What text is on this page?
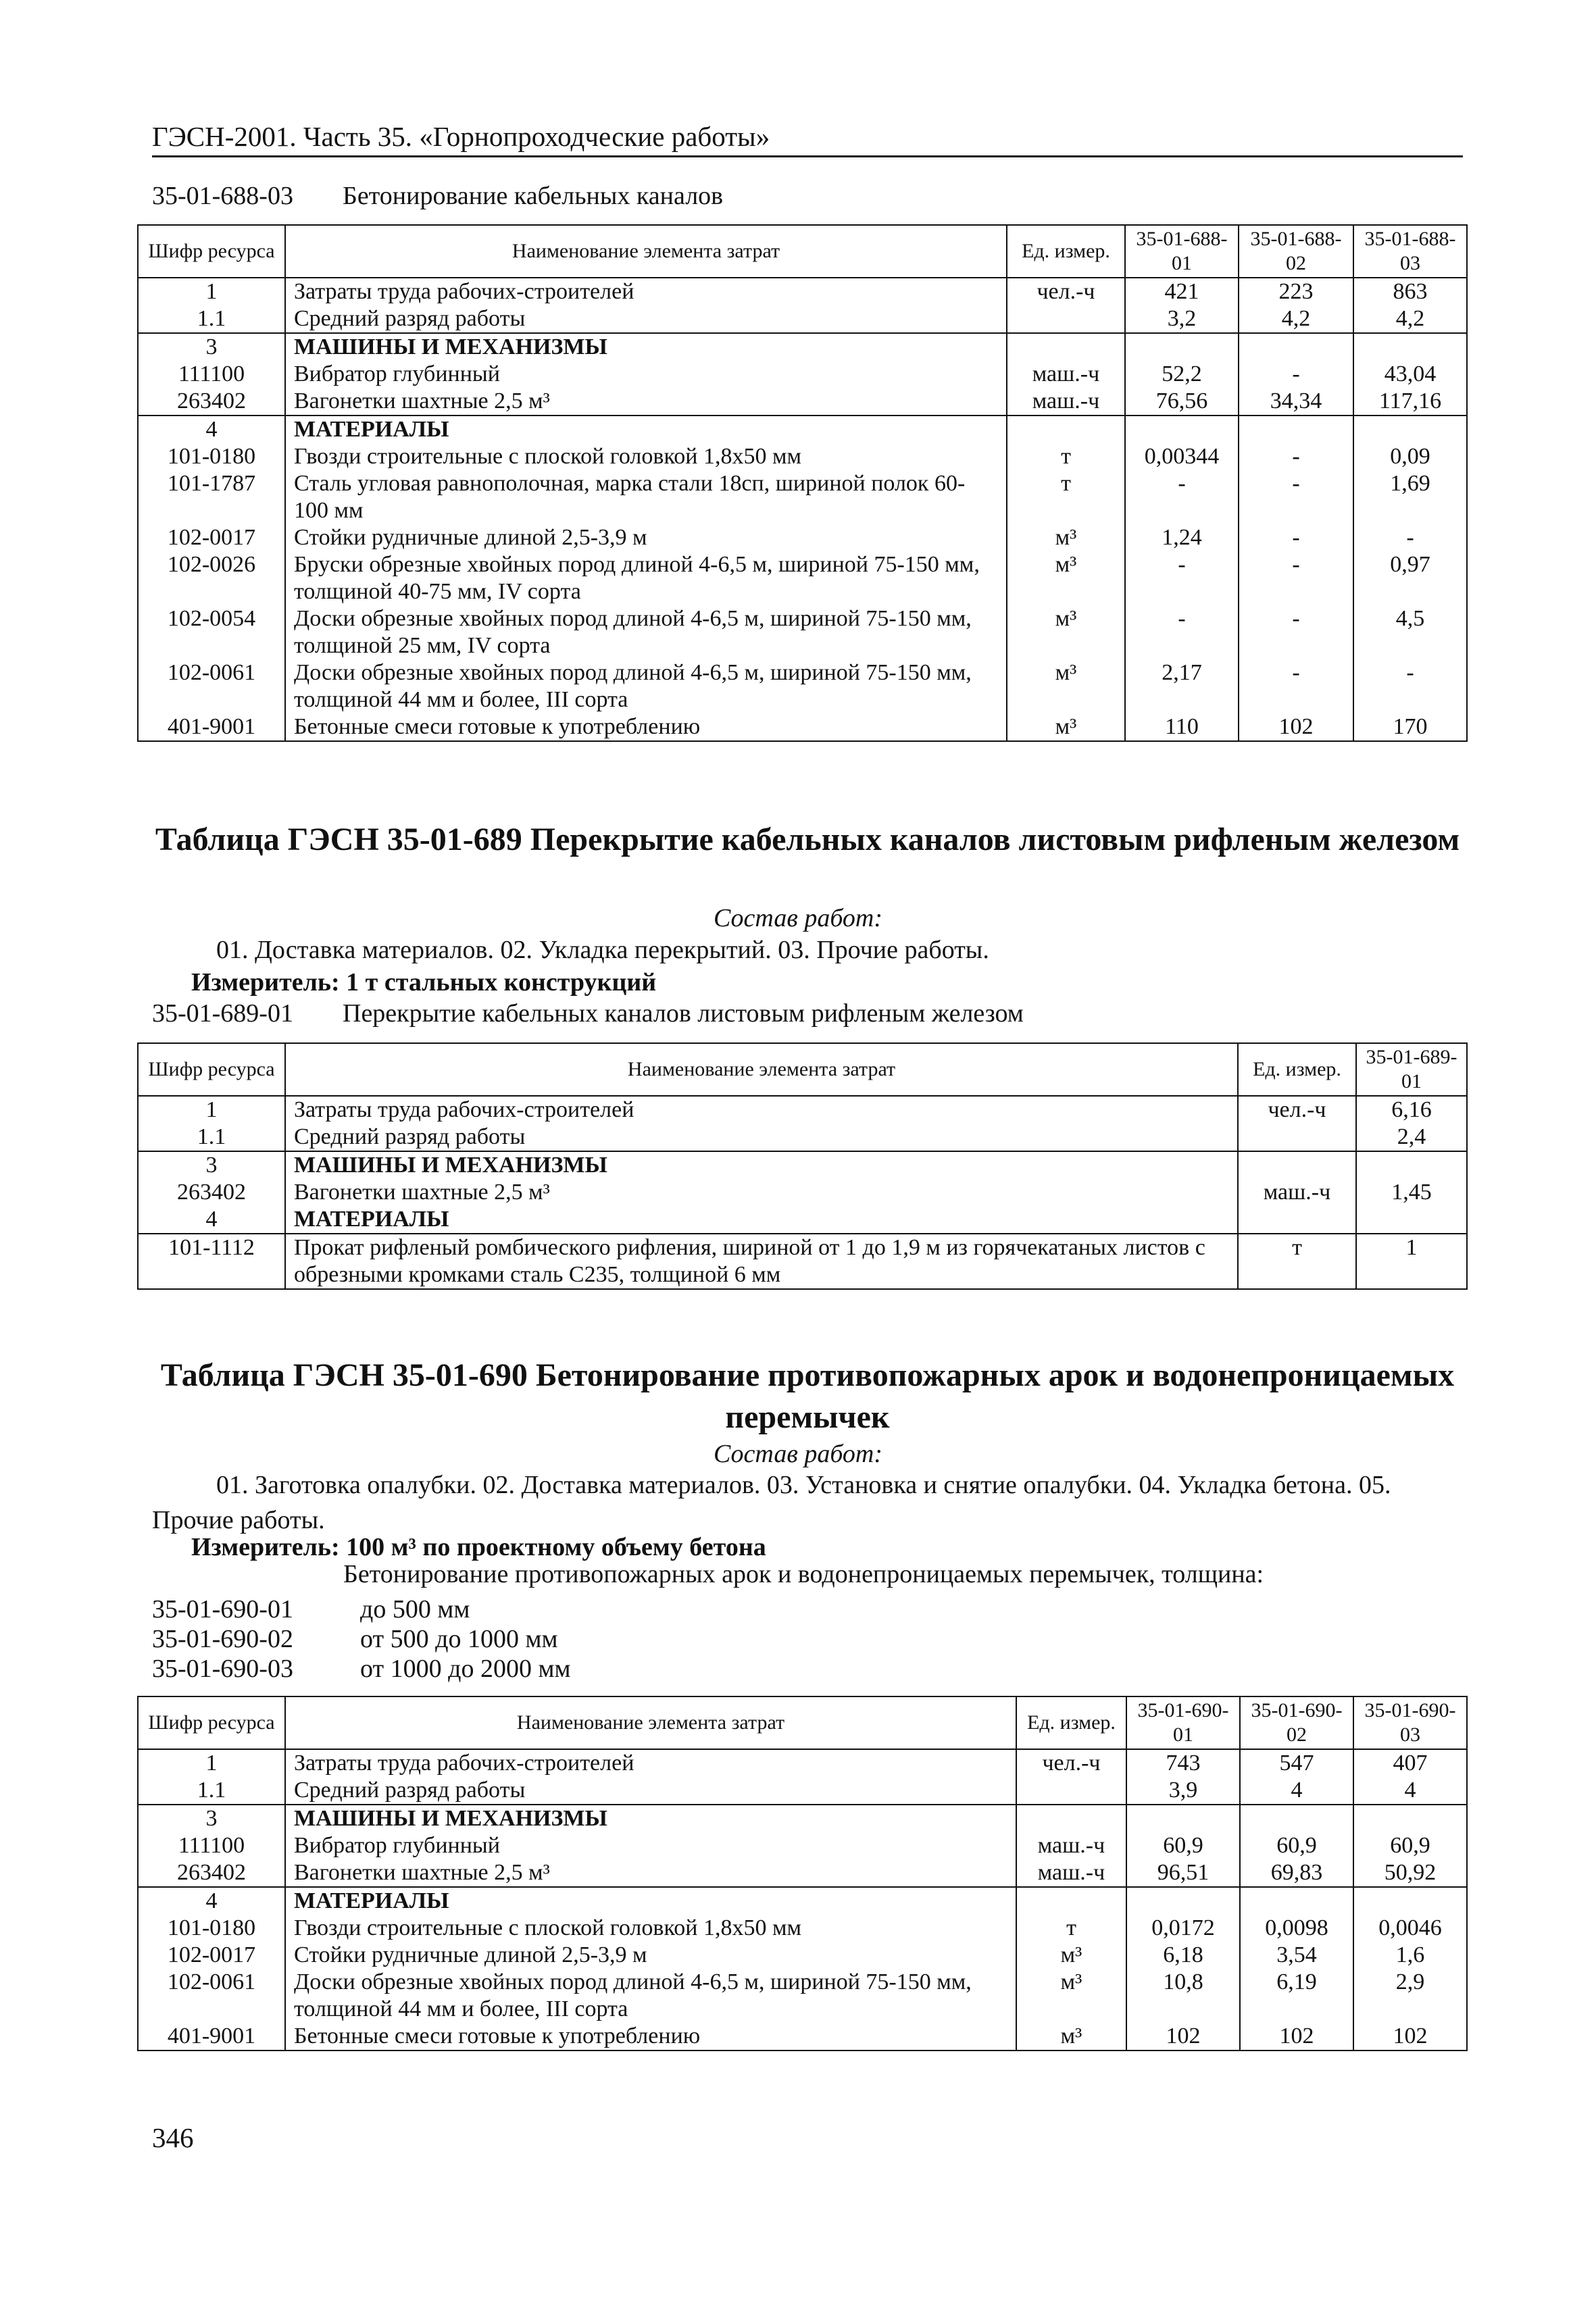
ГЭСН-2001. Часть 35. «Горнопроходческие работы»
35-01-688-03 Бетонирование кабельных каналов
Шифр ресурса	Наименование элемента затрат	Ед. измер.	35-01-688-01	35-01-688-02	35-01-688-03
1	Затраты труда рабочих-строителей	чел.-ч	421	223	863
1.1	Средний разряд работы		3,2	4,2	4,2
3	МАШИНЫ И МЕХАНИЗМЫ				
111100	Вибратор глубинный	маш.-ч	52,2	-	43,04
263402	Вагонетки шахтные 2,5 м³	маш.-ч	76,56	34,34	117,16
4	МАТЕРИАЛЫ				
101-0180	Гвозди строительные с плоской головкой 1,8х50 мм	т	0,00344	-	0,09
101-1787	Сталь угловая равнополочная, марка стали 18сп, шириной полок 60-100 мм	т	-	-	1,69
102-0017	Стойки рудничные длиной 2,5-3,9 м	м³	1,24	-	-
102-0026	Бруски обрезные хвойных пород длиной 4-6,5 м, шириной 75-150 мм, толщиной 40-75 мм, IV сорта	м³	-	-	0,97
102-0054	Доски обрезные хвойных пород длиной 4-6,5 м, шириной 75-150 мм, толщиной 25 мм, IV сорта	м³	-	-	4,5
102-0061	Доски обрезные хвойных пород длиной 4-6,5 м, шириной 75-150 мм, толщиной 44 мм и более, III сорта	м³	2,17	-	-
401-9001	Бетонные смеси готовые к употреблению	м³	110	102	170
Таблица ГЭСН 35-01-689 Перекрытие кабельных каналов листовым рифленым железом
Состав работ:
01. Доставка материалов. 02. Укладка перекрытий. 03. Прочие работы.
Измеритель: 1 т стальных конструкций
35-01-689-01 Перекрытие кабельных каналов листовым рифленым железом
Шифр ресурса	Наименование элемента затрат	Ед. измер.	35-01-689-01
1	Затраты труда рабочих-строителей	чел.-ч	6,16
1.1	Средний разряд работы		2,4
3	МАШИНЫ И МЕХАНИЗМЫ		
263402	Вагонетки шахтные 2,5 м³	маш.-ч	1,45
4	МАТЕРИАЛЫ		
101-1112	Прокат рифленый ромбического рифления, шириной от 1 до 1,9 м из горячекатаных листов с обрезными кромками сталь С235, толщиной 6 мм	т	1
Таблица ГЭСН 35-01-690 Бетонирование противопожарных арок и водонепроницаемых перемычек
Состав работ:
01. Заготовка опалубки. 02. Доставка материалов. 03. Установка и снятие опалубки. 04. Укладка бетона. 05. Прочие работы.
Измеритель: 100 м³ по проектному объему бетона
Бетонирование противопожарных арок и водонепроницаемых перемычек, толщина:
35-01-690-01	до 500 мм
35-01-690-02	от 500 до 1000 мм
35-01-690-03	от 1000 до 2000 мм
Шифр ресурса	Наименование элемента затрат	Ед. измер.	35-01-690-01	35-01-690-02	35-01-690-03
1	Затраты труда рабочих-строителей	чел.-ч	743	547	407
1.1	Средний разряд работы		3,9	4	4
3	МАШИНЫ И МЕХАНИЗМЫ				
111100	Вибратор глубинный	маш.-ч	60,9	60,9	60,9
263402	Вагонетки шахтные 2,5 м³	маш.-ч	96,51	69,83	50,92
4	МАТЕРИАЛЫ				
101-0180	Гвозди строительные с плоской головкой 1,8х50 мм	т	0,0172	0,0098	0,0046
102-0017	Стойки рудничные длиной 2,5-3,9 м	м³	6,18	3,54	1,6
102-0061	Доски обрезные хвойных пород длиной 4-6,5 м, шириной 75-150 мм, толщиной 44 мм и более, III сорта	м³	10,8	6,19	2,9
401-9001	Бетонные смеси готовые к употреблению	м³	102	102	102
346
